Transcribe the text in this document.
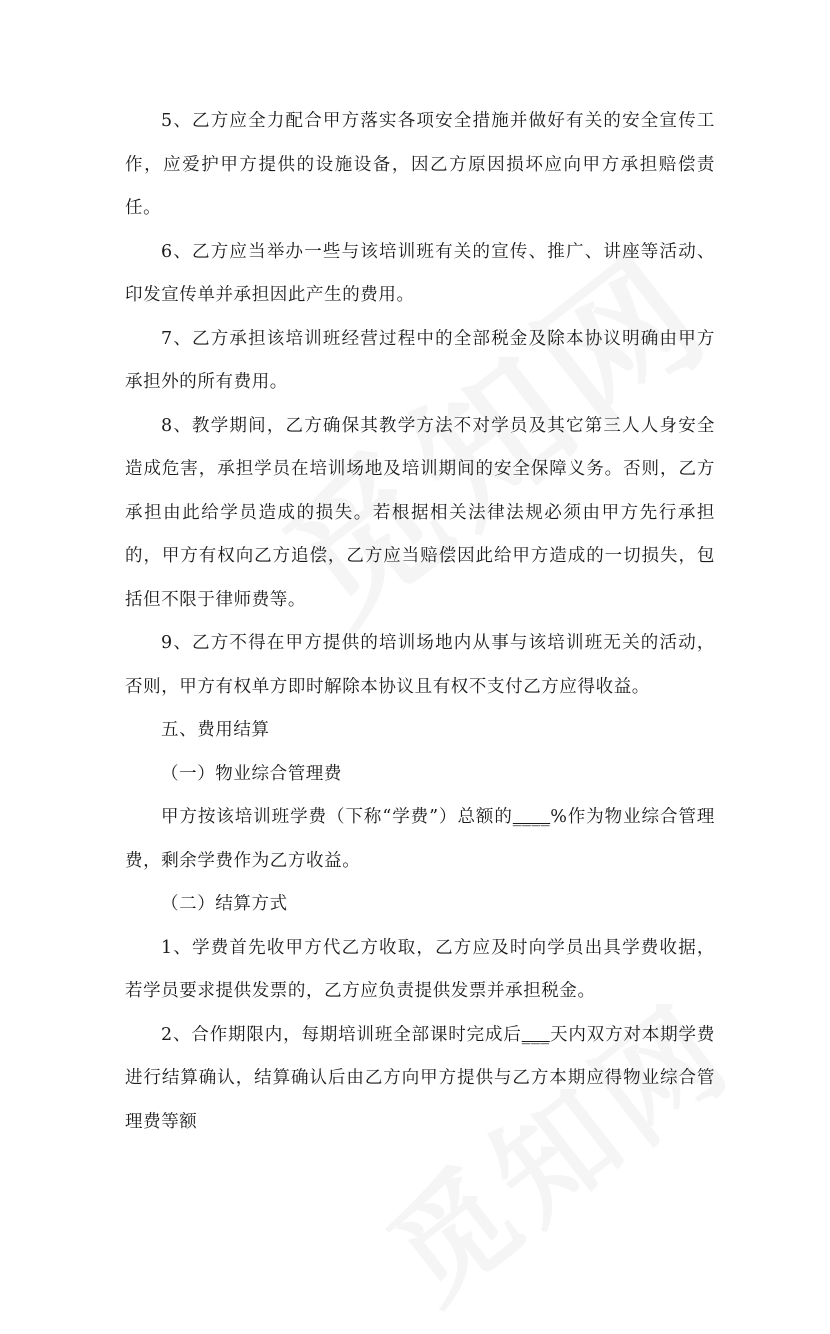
5、乙方应全力配合甲方落实各项安全措施并做好有关的安全宣传工作，应爱护甲方提供的设施设备，因乙方原因损坏应向甲方承担赔偿责任。

6、乙方应当举办一些与该培训班有关的宣传、推广、讲座等活动、印发宣传单并承担因此产生的费用。

7、乙方承担该培训班经营过程中的全部税金及除本协议明确由甲方承担外的所有费用。

8、教学期间，乙方确保其教学方法不对学员及其它第三人人身安全造成危害，承担学员在培训场地及培训期间的安全保障义务。否则，乙方承担由此给学员造成的损失。若根据相关法律法规必须由甲方先行承担的，甲方有权向乙方追偿，乙方应当赔偿因此给甲方造成的一切损失，包括但不限于律师费等。

9、乙方不得在甲方提供的培训场地内从事与该培训班无关的活动，否则，甲方有权单方即时解除本协议且有权不支付乙方应得收益。

五、费用结算

（一）物业综合管理费

甲方按该培训班学费（下称“学费”）总额的____%作为物业综合管理费，剩余学费作为乙方收益。

（二）结算方式

1、学费首先收甲方代乙方收取，乙方应及时向学员出具学费收据，若学员要求提供发票的，乙方应负责提供发票并承担税金。

2、合作期限内，每期培训班全部课时完成后___天内双方对本期学费进行结算确认，结算确认后由乙方向甲方提供与乙方本期应得物业综合管理费等额
